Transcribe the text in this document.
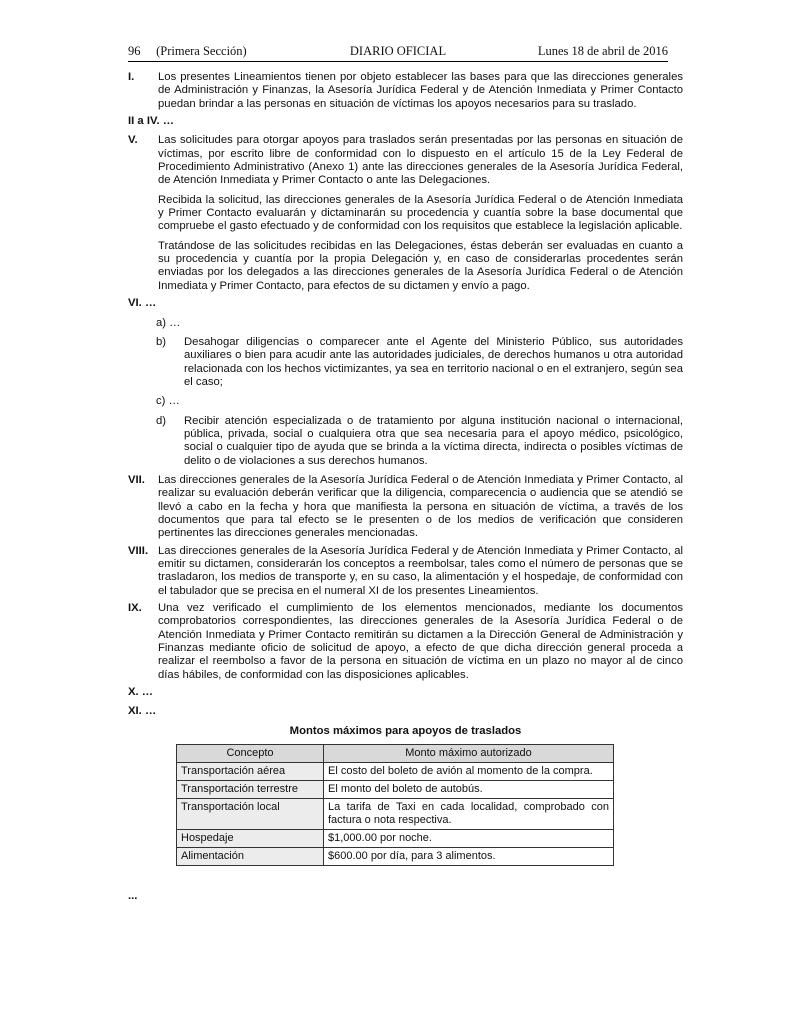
96     (Primera Sección)	DIARIO OFICIAL	Lunes 18 de abril de 2016
I.	Los presentes Lineamientos tienen por objeto establecer las bases para que las direcciones generales de Administración y Finanzas, la Asesoría Jurídica Federal y de Atención Inmediata y Primer Contacto puedan brindar a las personas en situación de víctimas los apoyos necesarios para su traslado.

II a IV. …
V.	Las solicitudes para otorgar apoyos para traslados serán presentadas por las personas en situación de víctimas, por escrito libre de conformidad con lo dispuesto en el artículo 15 de la Ley Federal de Procedimiento Administrativo (Anexo 1) ante las direcciones generales de la Asesoría Jurídica Federal, de Atención Inmediata y Primer Contacto o ante las Delegaciones.

Recibida la solicitud, las direcciones generales de la Asesoría Jurídica Federal o de Atención Inmediata y Primer Contacto evaluarán y dictaminarán su procedencia y cuantía sobre la base documental que compruebe el gasto efectuado y de conformidad con los requisitos que establece la legislación aplicable.

Tratándose de las solicitudes recibidas en las Delegaciones, éstas deberán ser evaluadas en cuanto a su procedencia y cuantía por la propia Delegación y, en caso de considerarlas procedentes serán enviadas por los delegados a las direcciones generales de la Asesoría Jurídica Federal o de Atención Inmediata y Primer Contacto, para efectos de su dictamen y envío a pago.

VI. …
a) …
b)	Desahogar diligencias o comparecer ante el Agente del Ministerio Público, sus autoridades auxiliares o bien para acudir ante las autoridades judiciales, de derechos humanos u otra autoridad relacionada con los hechos victimizantes, ya sea en territorio nacional o en el extranjero, según sea el caso;
c) …
d)	Recibir atención especializada o de tratamiento por alguna institución nacional o internacional, pública, privada, social o cualquiera otra que sea necesaria para el apoyo médico, psicológico, social o cualquier tipo de ayuda que se brinda a la víctima directa, indirecta o posibles víctimas de delito o de violaciones a sus derechos humanos.
VII.	Las direcciones generales de la Asesoría Jurídica Federal o de Atención Inmediata y Primer Contacto, al realizar su evaluación deberán verificar que la diligencia, comparecencia o audiencia que se atendió se llevó a cabo en la fecha y hora que manifiesta la persona en situación de víctima, a través de los documentos que para tal efecto se le presenten o de los medios de verificación que consideren pertinentes las direcciones generales mencionadas.

VIII. Las direcciones generales de la Asesoría Jurídica Federal y de Atención Inmediata y Primer Contacto, al emitir su dictamen, considerarán los conceptos a reembolsar, tales como el número de personas que se trasladaron, los medios de transporte y, en su caso, la alimentación y el hospedaje, de conformidad con el tabulador que se precisa en el numeral XI de los presentes Lineamientos.

IX.	Una vez verificado el cumplimiento de los elementos mencionados, mediante los documentos comprobatorios correspondientes, las direcciones generales de la Asesoría Jurídica Federal o de Atención Inmediata y Primer Contacto remitirán su dictamen a la Dirección General de Administración y Finanzas mediante oficio de solicitud de apoyo, a efecto de que dicha dirección general proceda a realizar el reembolso a favor de la persona en situación de víctima en un plazo no mayor al de cinco días hábiles, de conformidad con las disposiciones aplicables.

X. …
XI. …
Montos máximos para apoyos de traslados
Concepto	Monto máximo autorizado
Transportación aérea	El costo del boleto de avión al momento de la compra.
Transportación terrestre	El monto del boleto de autobús.
Transportación local	La tarifa de Taxi en cada localidad, comprobado con factura o nota respectiva.
Hospedaje	$1,000.00 por noche.
Alimentación	$600.00 por día, para 3 alimentos.
...
